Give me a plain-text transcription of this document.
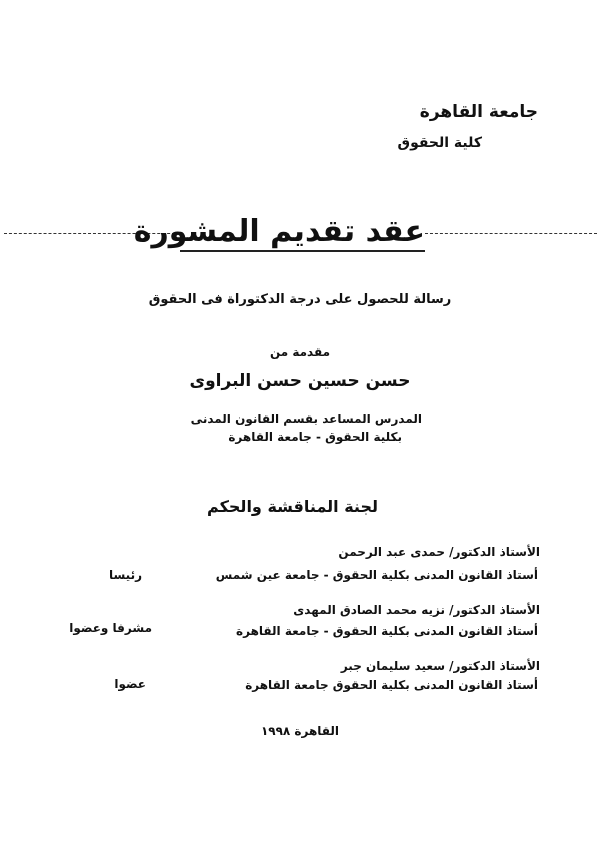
جامعة القاهرة
كلية الحقوق
عقد تقديم المشورة
رسالة للحصول على درجة الدكتوراة فى الحقوق
مقدمة من
حسن حسين حسن البراوى
المدرس المساعد بقسم القانون المدنى
بكلية الحقوق - جامعة القاهرة
لجنة المناقشة والحكم
الأستاذ الدكتور/ حمدى عبد الرحمن
أستاذ القانون المدنى بكلية الحقوق - جامعة عين شمس
رئيسا
الأستاذ الدكتور/ نزيه محمد الصادق المهدى
أستاذ القانون المدنى بكلية الحقوق - جامعة القاهرة
مشرفا وعضوا
الأستاذ الدكتور/ سعيد سليمان جبر
أستاذ القانون المدنى بكلية الحقوق جامعة القاهرة
عضوا
القاهرة ١٩٩٨
